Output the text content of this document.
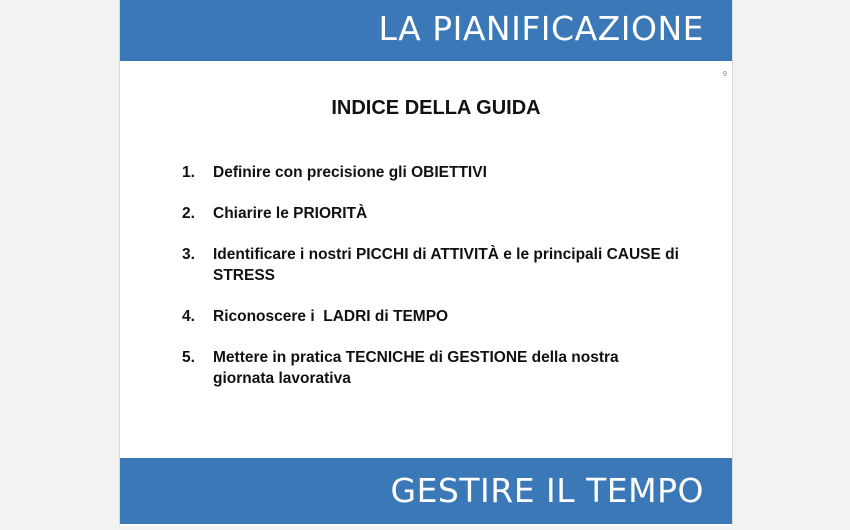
LA PIANIFICAZIONE
9
INDICE DELLA GUIDA
1.	Definire con precisione gli OBIETTIVI
2.	Chiarire le PRIORITÀ
3.	Identificare i nostri PICCHI di ATTIVITÀ e le principali CAUSE di STRESS
4.	Riconoscere i  LADRI di TEMPO
5.	Mettere in pratica TECNICHE di GESTIONE della nostra giornata lavorativa
GESTIRE IL TEMPO
